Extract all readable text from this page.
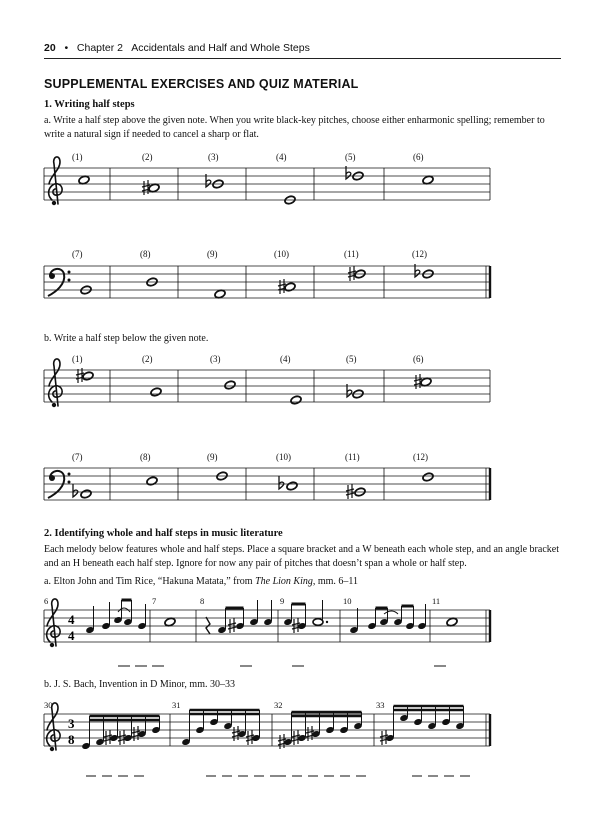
20 • Chapter 2 Accidentals and Half and Whole Steps
SUPPLEMENTAL EXERCISES AND QUIZ MATERIAL
1. Writing half steps
a. Write a half step above the given note. When you write black-key pitches, choose either enharmonic spelling; remember to write a natural sign if needed to cancel a sharp or flat.
b. Write a half step below the given note.
2. Identifying whole and half steps in music literature
Each melody below features whole and half steps. Place a square bracket and a W beneath each whole step, and an angle bracket and an H beneath each half step. Ignore for now any pair of pitches that doesn’t span a whole or half step.
a. Elton John and Tim Rice, “Hakuna Matata,” from The Lion King, mm. 6–11
b. J. S. Bach, Invention in D Minor, mm. 30–33
(1)	(2)	(3)	(4)	(5)	(6)
(7)	(8)	(9)	(10)	(11)	(12)
(1)	(2)	(3)	(4)	(5)	(6)
(7)	(8)	(9)	(10)	(11)	(12)
4
4
6	7	8	9	10	11
3
8
30	31	32	33
